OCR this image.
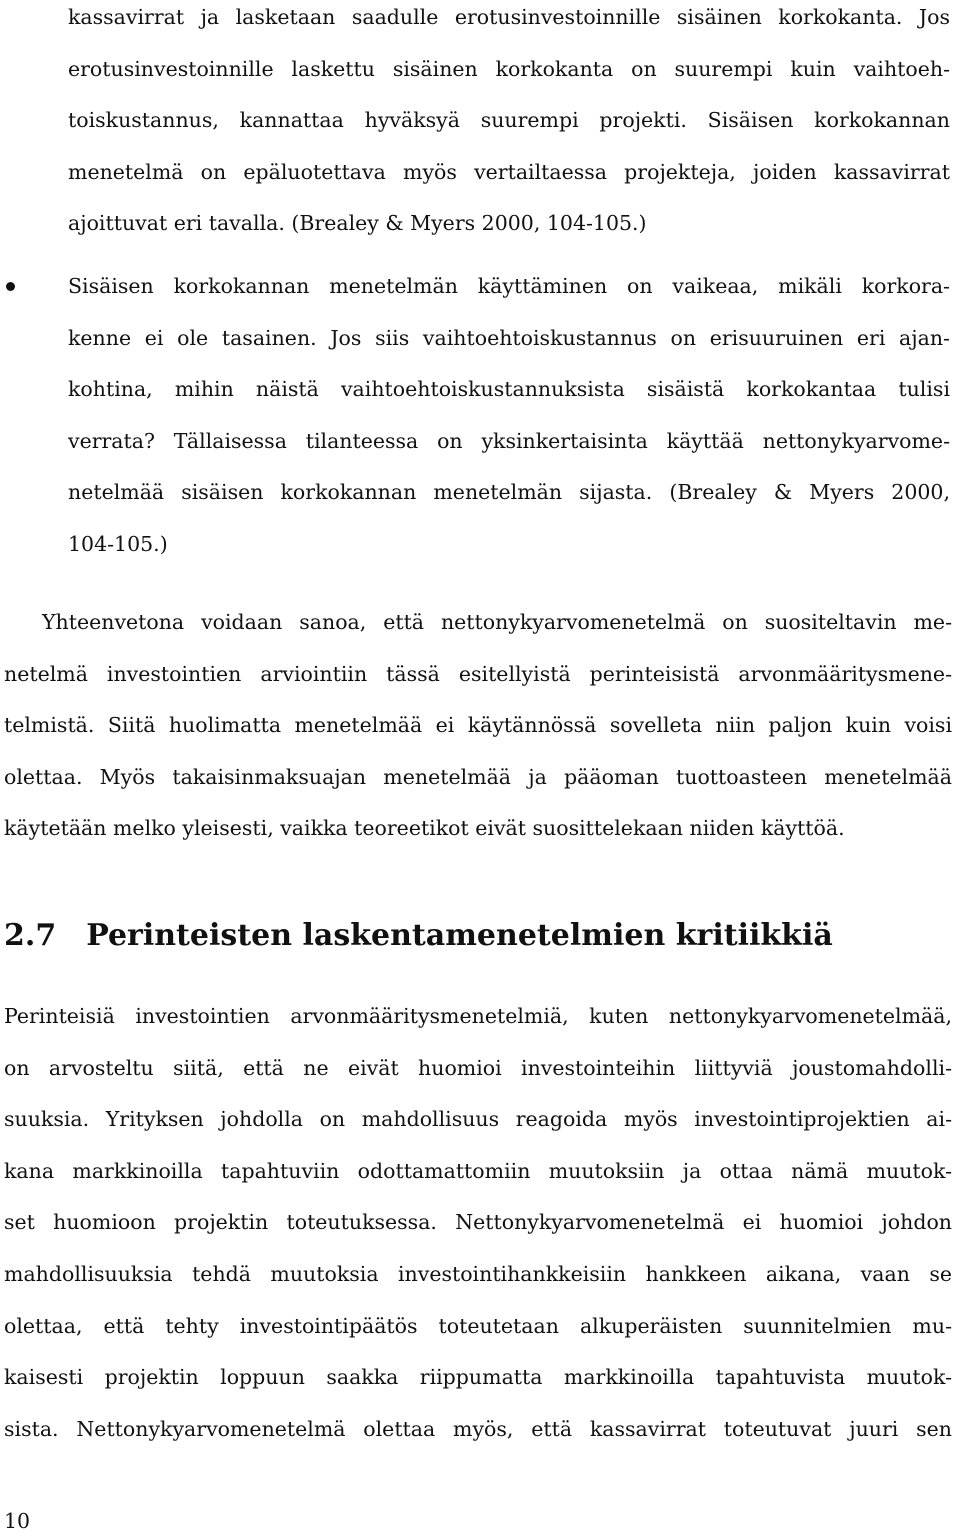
kassavirrat ja lasketaan saadulle erotusinvestoinnille sisäinen korkokanta. Jos
erotusinvestoinnille laskettu sisäinen korkokanta on suurempi kuin vaihtoeh-
toiskustannus, kannattaa hyväksyä suurempi projekti. Sisäisen korkokannan
menetelmä on epäluotettava myös vertailtaessa projekteja, joiden kassavirrat
ajoittuvat eri tavalla. (Brealey & Myers 2000, 104-105.)
Sisäisen korkokannan menetelmän käyttäminen on vaikeaa, mikäli korkora-
kenne ei ole tasainen. Jos siis vaihtoehtoiskustannus on erisuuruinen eri ajan-
kohtina, mihin näistä vaihtoehtoiskustannuksista sisäistä korkokantaa tulisi
verrata? Tällaisessa tilanteessa on yksinkertaisinta käyttää nettonykyarvome-
netelmää sisäisen korkokannan menetelmän sijasta. (Brealey & Myers 2000,
104-105.)
Yhteenvetona voidaan sanoa, että nettonykyarvomenetelmä on suositeltavin me-
netelmä investointien arviointiin tässä esitellyistä perinteisistä arvonmääritysmene-
telmistä. Siitä huolimatta menetelmää ei käytännössä sovelleta niin paljon kuin voisi
olettaa. Myös takaisinmaksuajan menetelmää ja pääoman tuottoasteen menetelmää
käytetään melko yleisesti, vaikka teoreetikot eivät suosittelekaan niiden käyttöä.
2.7 Perinteisten laskentamenetelmien kritiikkiä
Perinteisiä investointien arvonmääritysmenetelmiä, kuten nettonykyarvomenetelmää,
on arvosteltu siitä, että ne eivät huomioi investointeihin liittyviä joustomahdolli-
suuksia. Yrityksen johdolla on mahdollisuus reagoida myös investointiprojektien ai-
kana markkinoilla tapahtuviin odottamattomiin muutoksiin ja ottaa nämä muutok-
set huomioon projektin toteutuksessa. Nettonykyarvomenetelmä ei huomioi johdon
mahdollisuuksia tehdä muutoksia investointihankkeisiin hankkeen aikana, vaan se
olettaa, että tehty investointipäätös toteutetaan alkuperäisten suunnitelmien mu-
kaisesti projektin loppuun saakka riippumatta markkinoilla tapahtuvista muutok-
sista. Nettonykyarvomenetelmä olettaa myös, että kassavirrat toteutuvat juuri sen
10
